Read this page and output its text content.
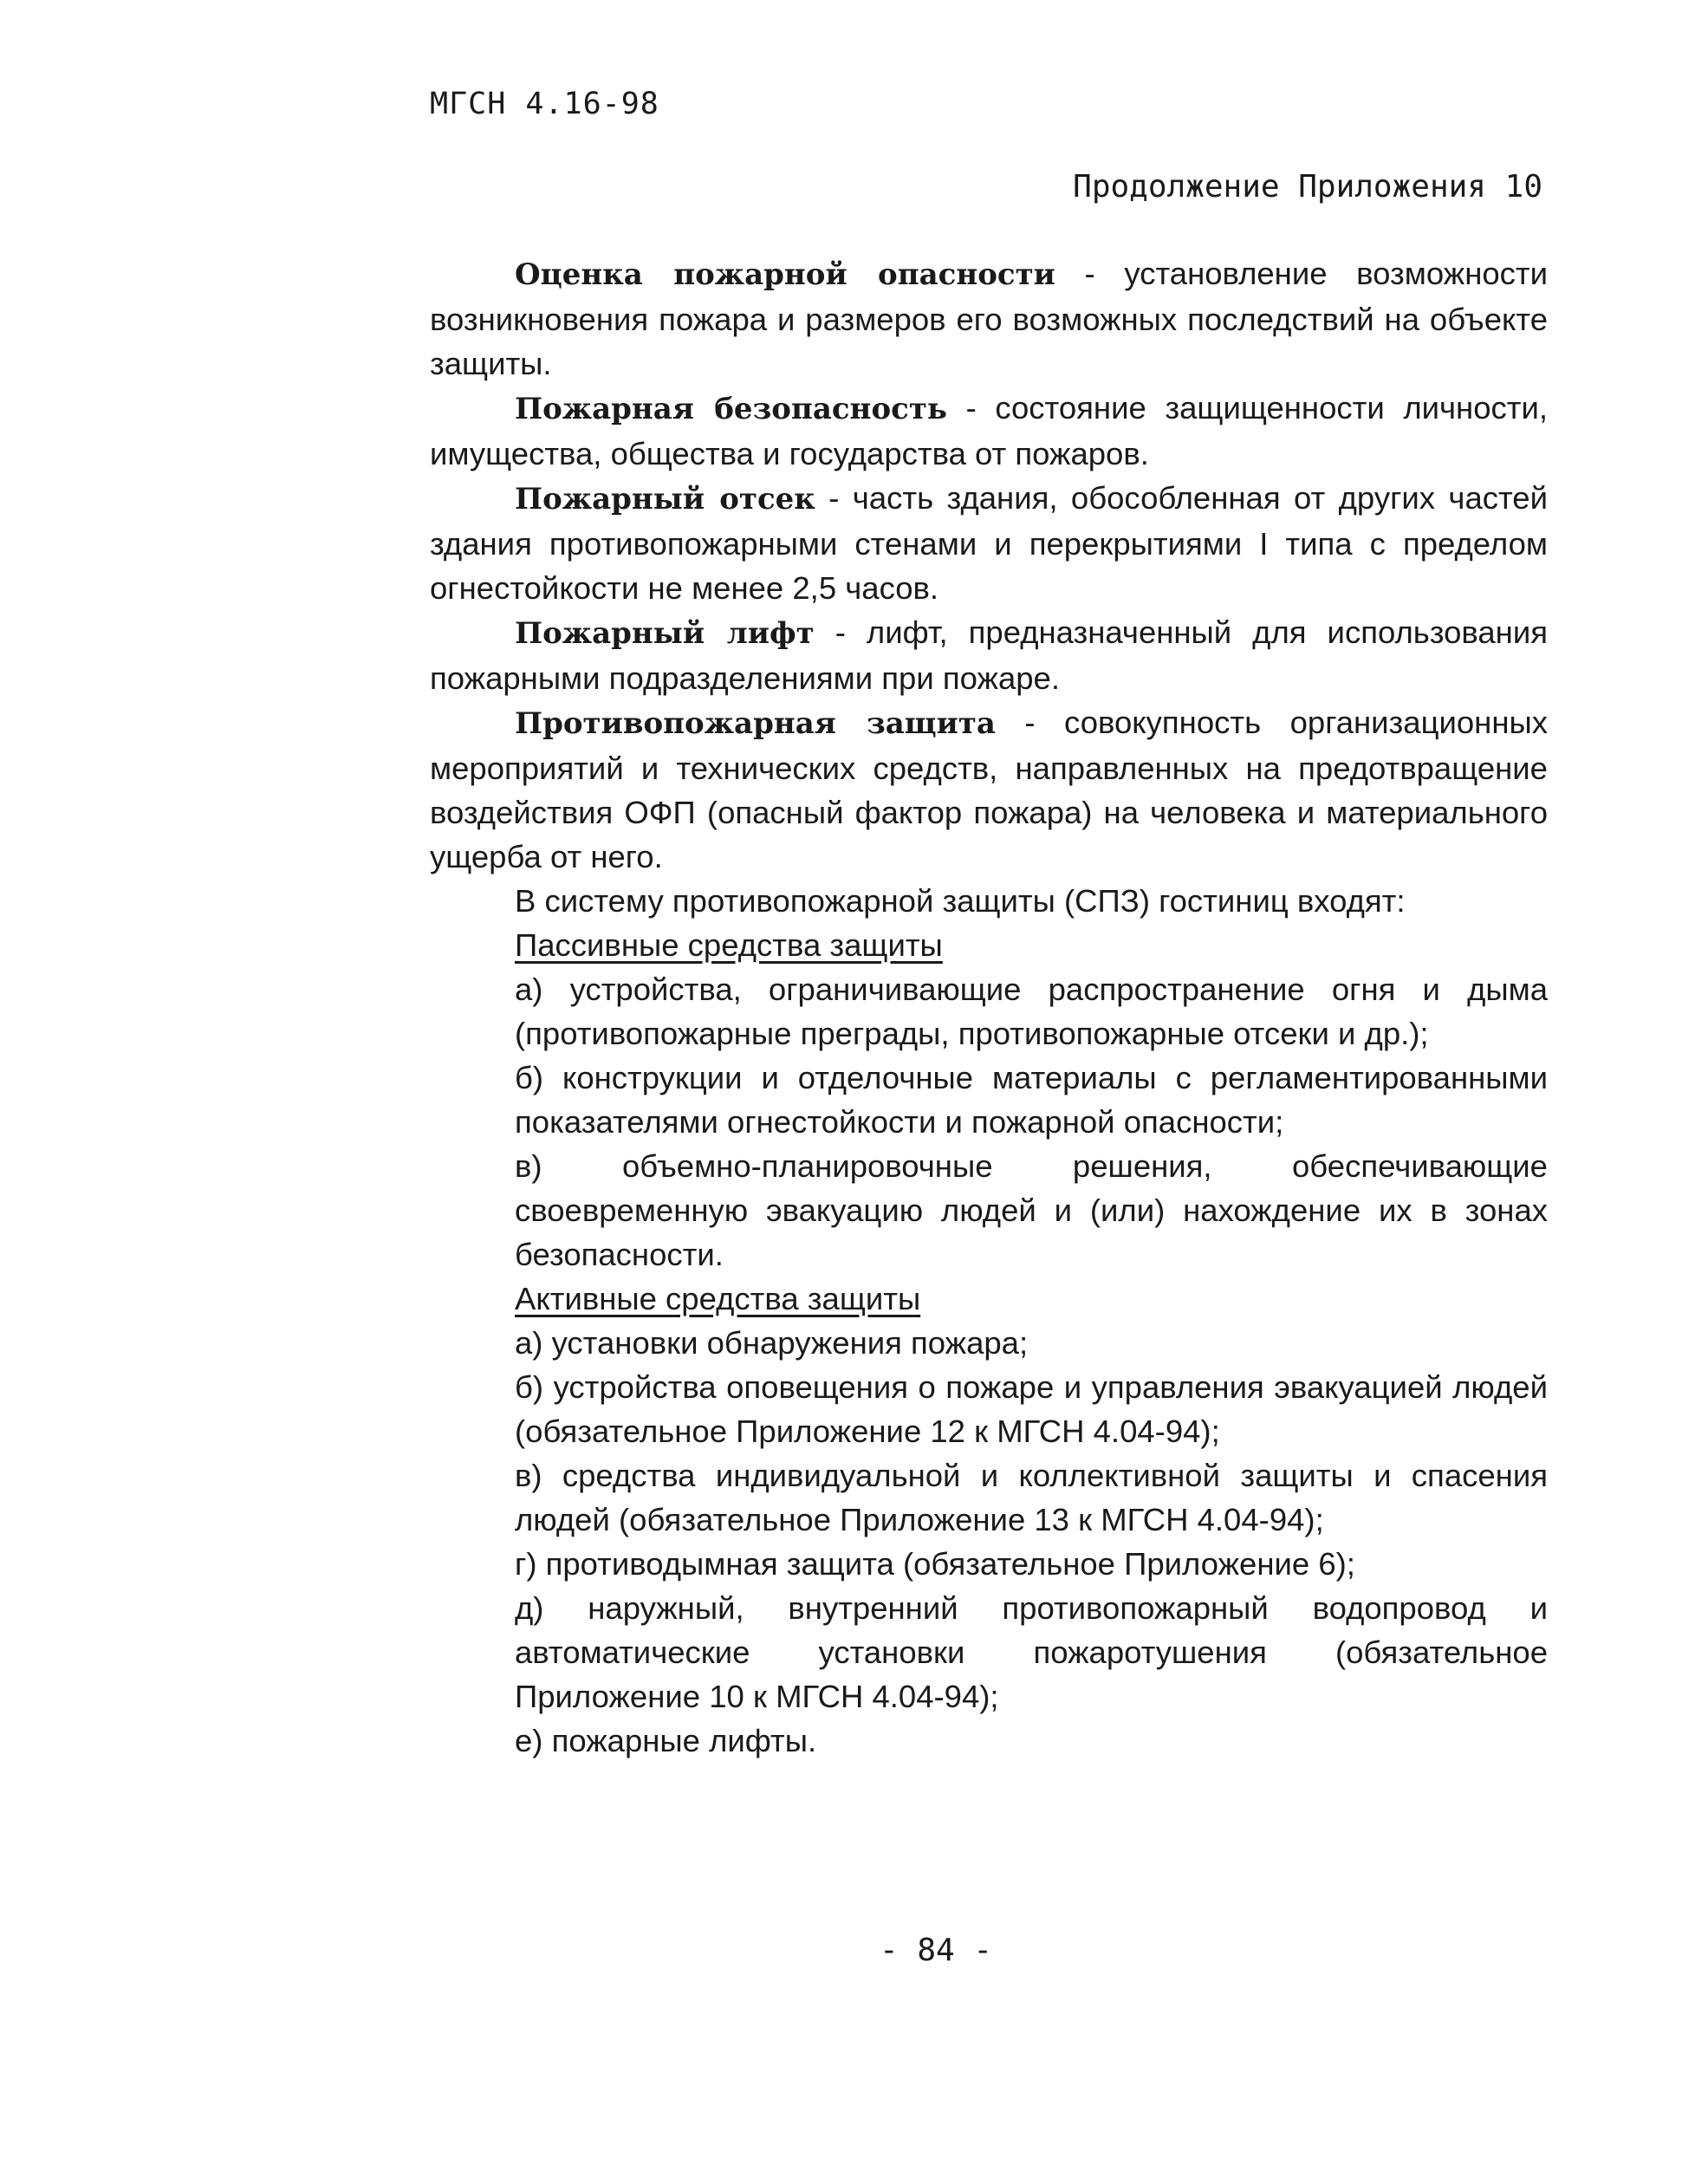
МГСН 4.16-98
Продолжение Приложения 10

Оценка пожарной опасности - установление возможности возникновения пожара и размеров его возможных последствий на объекте защиты.

Пожарная безопасность - состояние защищенности личности, имущества, общества и государства от пожаров.

Пожарный отсек - часть здания, обособленная от других частей здания противопожарными стенами и перекрытиями I типа с пределом огнестойкости не менее 2,5 часов.

Пожарный лифт - лифт, предназначенный для использования пожарными подразделениями при пожаре.

Противопожарная защита - совокупность организационных мероприятий и технических средств, направленных на предотвращение воздействия ОФП (опасный фактор пожара) на человека и материального ущерба от него.

В систему противопожарной защиты (СПЗ) гостиниц входят:

Пассивные средства защиты

а) устройства, ограничивающие распространение огня и дыма (противопожарные преграды, противопожарные отсеки и др.);

б) конструкции и отделочные материалы с регламентированными показателями огнестойкости и пожарной опасности;

в) объемно-планировочные решения, обеспечивающие своевременную эвакуацию людей и (или) нахождение их в зонах безопасности.

Активные средства защиты

а) установки обнаружения пожара;

б) устройства оповещения о пожаре и управления эвакуацией людей (обязательное Приложение 12 к МГСН 4.04-94);

в) средства индивидуальной и коллективной защиты и спасения людей (обязательное Приложение 13 к МГСН 4.04-94);

г) противодымная защита (обязательное Приложение 6);

д) наружный, внутренний противопожарный водопровод и автоматические установки пожаротушения (обязательное Приложение 10 к МГСН 4.04-94);

е) пожарные лифты.

- 84 -
